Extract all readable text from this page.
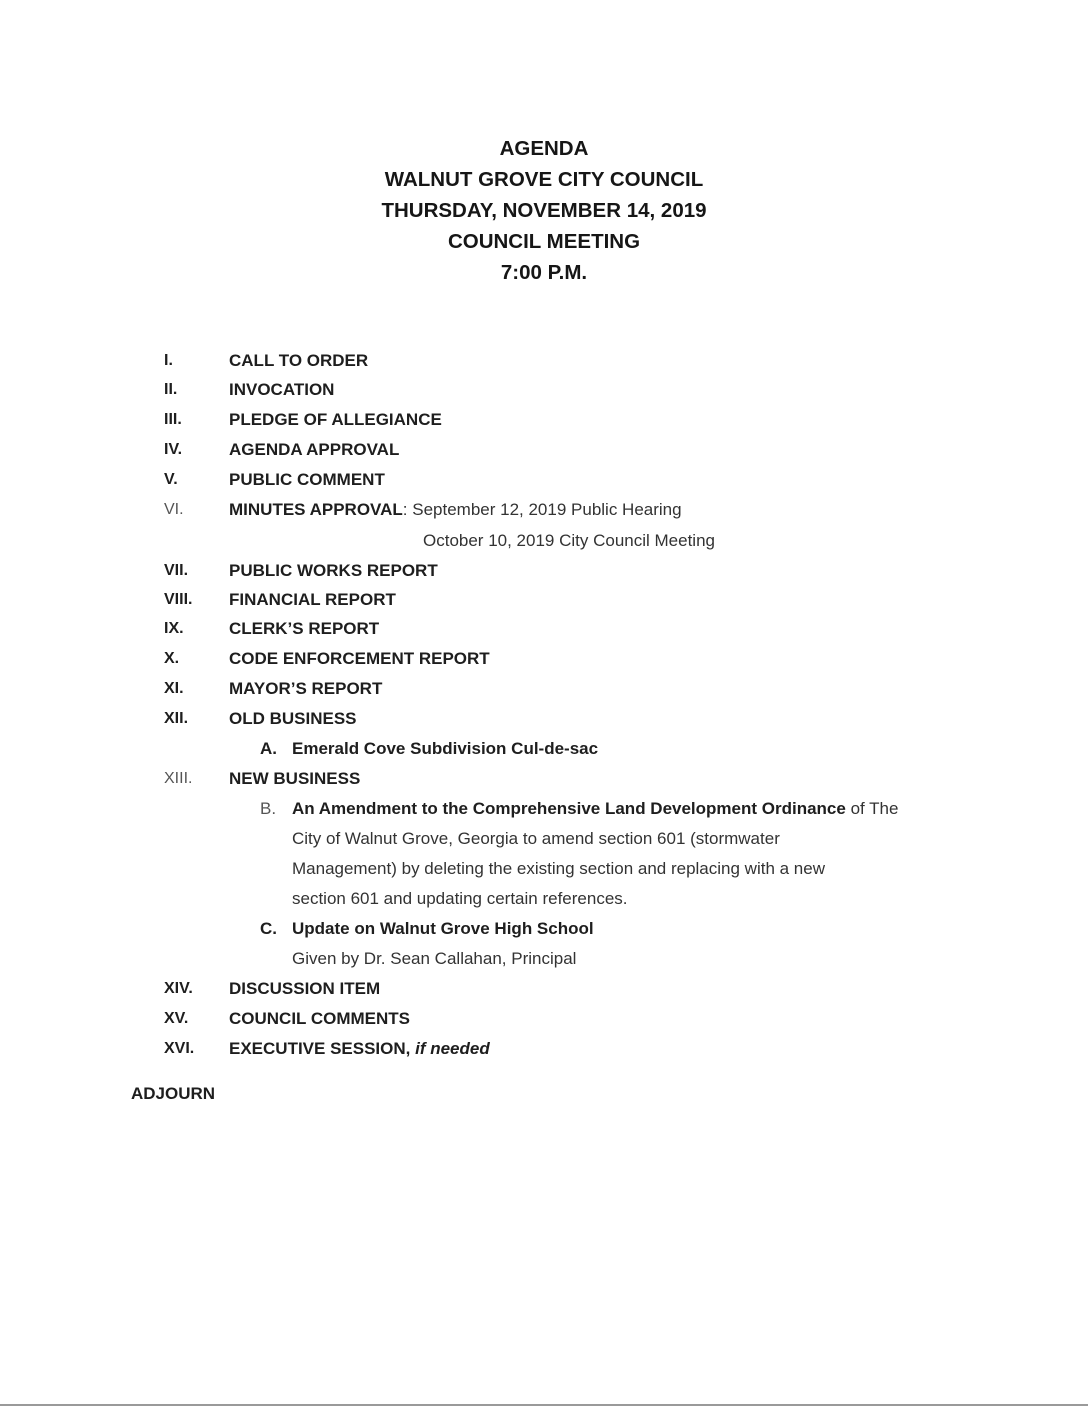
AGENDA
WALNUT GROVE CITY COUNCIL
THURSDAY, NOVEMBER 14, 2019
COUNCIL MEETING
7:00 P.M.
I.	CALL TO ORDER
II.	INVOCATION
III.	PLEDGE OF ALLEGIANCE
IV.	AGENDA APPROVAL
V.	PUBLIC COMMENT
VI.	MINUTES APPROVAL: September 12, 2019 Public Hearing
October 10, 2019 City Council Meeting
VII. PUBLIC WORKS REPORT
VIII. FINANCIAL REPORT
IX.	CLERK’S REPORT
X.	CODE ENFORCEMENT REPORT
XI.	MAYOR’S REPORT
XII. OLD BUSINESS
A. Emerald Cove Subdivision Cul-de-sac
XIII. NEW BUSINESS
B. An Amendment to the Comprehensive Land Development Ordinance of The
City of Walnut Grove, Georgia to amend section 601 (stormwater
Management) by deleting the existing section and replacing with a new
section 601 and updating certain references.
C. Update on Walnut Grove High School
Given by Dr. Sean Callahan, Principal
XIV. DISCUSSION ITEM
XV. COUNCIL COMMENTS
XVI. EXECUTIVE SESSION, if needed
ADJOURN
